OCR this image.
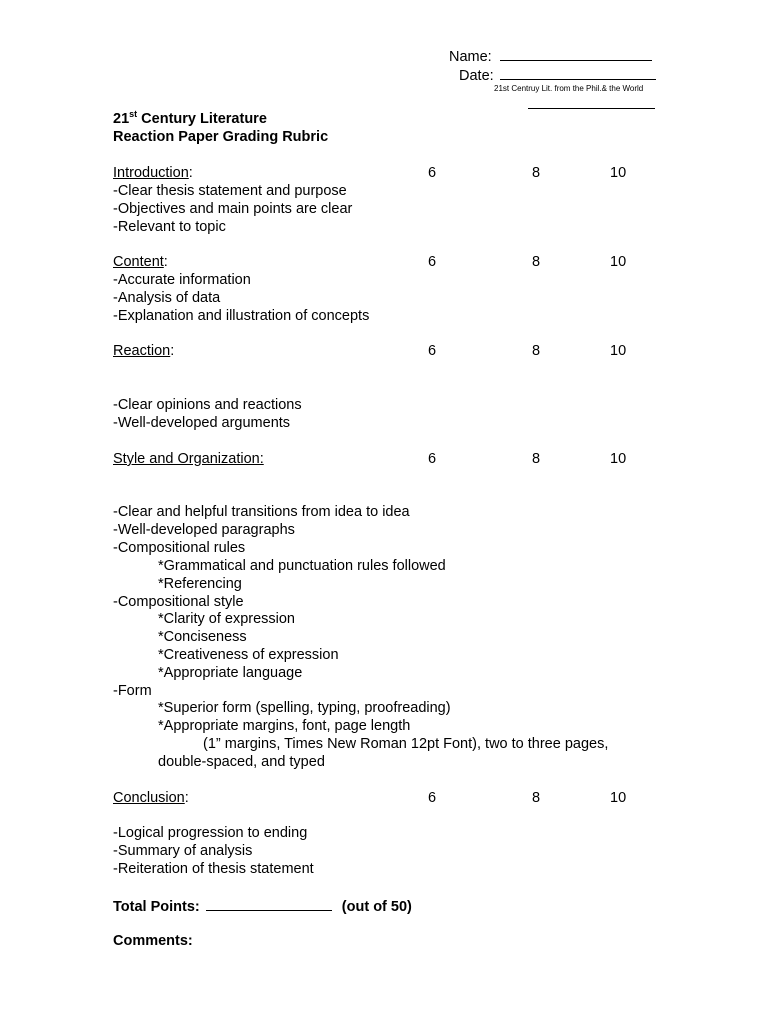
Name:
Date:
21st Centruy Lit. from the Phil.& the World
21st Century Literature
Reaction Paper Grading Rubric
Introduction:	6	8	10
-Clear thesis statement and purpose
-Objectives and main points are clear
-Relevant to topic
Content:	6	8	10
-Accurate information
-Analysis of data
-Explanation and illustration of concepts
Reaction:	6	8	10
-Clear opinions and reactions
-Well-developed arguments
Style and Organization:	6	8	10
-Clear and helpful transitions from idea to idea
-Well-developed paragraphs
-Compositional rules
*Grammatical and punctuation rules followed
*Referencing
-Compositional style
*Clarity of expression
*Conciseness
*Creativeness of expression
*Appropriate language
-Form
*Superior form (spelling, typing, proofreading)
*Appropriate margins, font, page length
(1” margins, Times New Roman 12pt Font), two to three pages,
double-spaced, and typed
Conclusion:	6	8	10
-Logical progression to ending
-Summary of analysis
-Reiteration of thesis statement
Total Points:	(out of 50)
Comments:
